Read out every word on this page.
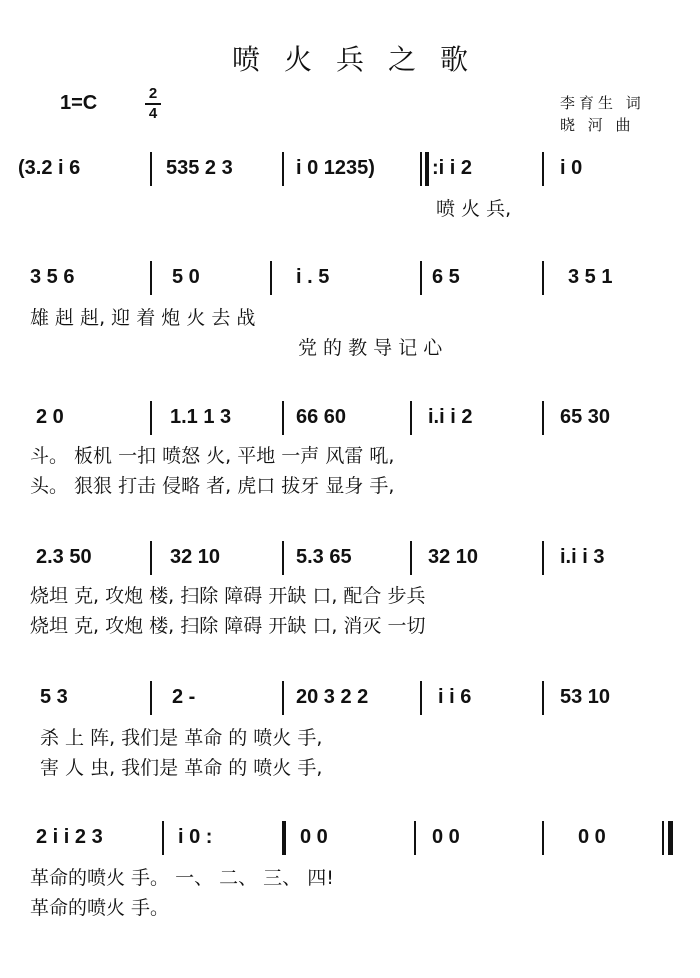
喷火兵之歌
李育生 词
晓 河 曲
1=C	2
4
(3.2 i 6	535 2 3	i 0 1235)	:i i 2	i 0
喷 火 兵,
3 5 6	5 0	i . 5	6 5	3 5 1
雄 赳 赳, 迎 着 炮 火 去 战
党 的 教 导 记 心
2 0	1.1 1 3	66 60	i.i i 2	65 30
斗。 板机 一扣 喷怒 火, 平地 一声 风雷 吼,
头。 狠狠 打击 侵略 者, 虎口 拔牙 显身 手,
2.3 50	32 10	5.3 65	32 10	i.i i 3
烧坦 克, 攻炮 楼, 扫除 障碍 开缺 口, 配合 步兵
烧坦 克, 攻炮 楼, 扫除 障碍 开缺 口, 消灭 一切
5 3	2 -	20 3 2 2	i i 6	53 10
杀 上 阵, 我们是 革命 的 喷火 手,
害 人 虫, 我们是 革命 的 喷火 手,
2 i i 2 3	i 0 :	0 0	0 0	0 0
革命的喷火 手。 一、 二、 三、 四!
革命的喷火 手。
